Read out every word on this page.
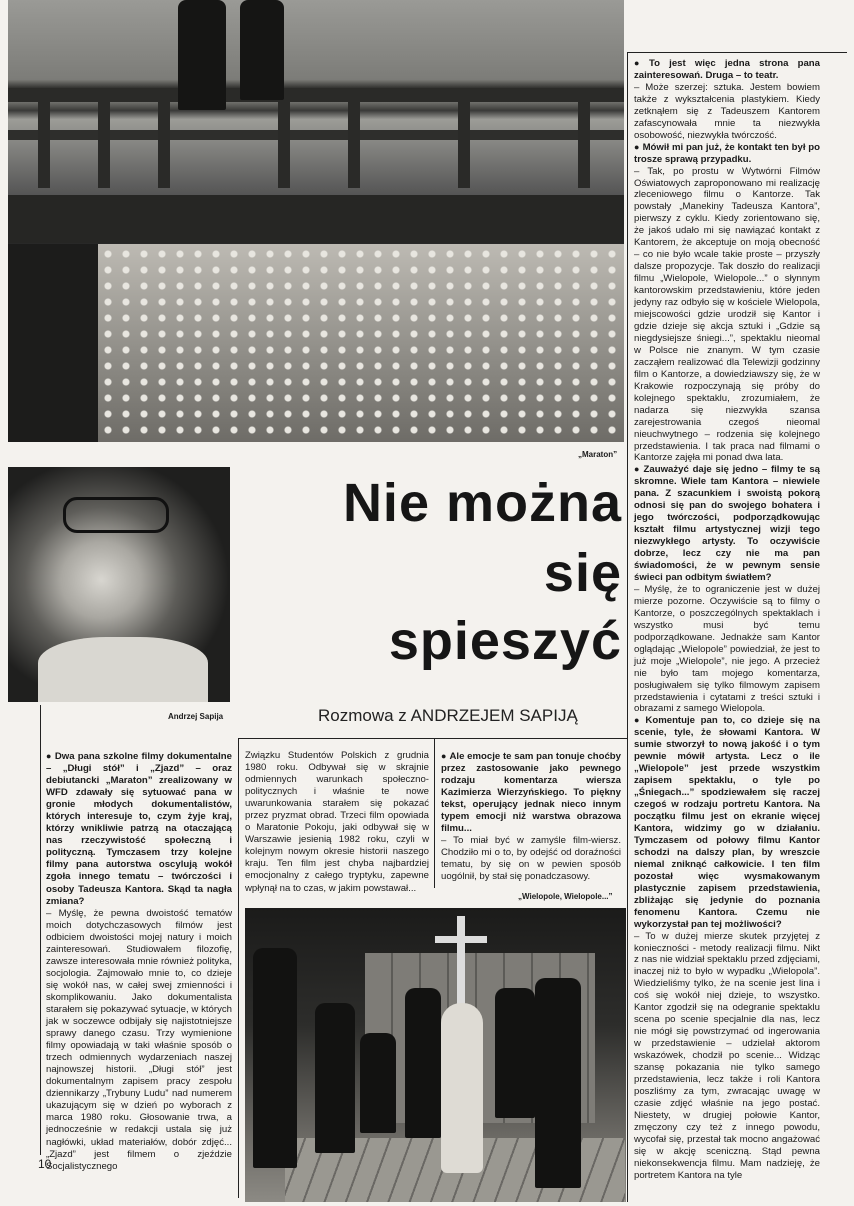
„Maraton”
Andrzej Sapija
Nie można
się
spieszyć
Rozmowa z ANDRZEJEM SAPIJĄ

● Dwa pana szkolne filmy dokumentalne – „Długi stół” i „Zjazd” – oraz debiutancki „Maraton” zrealizowany w WFD zdawały się sytuować pana w gronie młodych dokumentalistów, których interesuje to, czym żyje kraj, którzy wnikliwie patrzą na otaczającą nas rzeczywistość społeczną i polityczną. Tymczasem trzy kolejne filmy pana autorstwa oscylują wokół zgoła innego tematu – twórczości i osoby Tadeusza Kantora. Skąd ta nagła zmiana?

– Myślę, że pewna dwoistość tematów moich dotychczasowych filmów jest odbiciem dwoistości mojej natury i moich zainteresowań. Studiowałem filozofię, zawsze interesowała mnie również polityka, socjologia. Zajmowało mnie to, co dzieje się wokół nas, w całej swej zmienności i skomplikowaniu. Jako dokumentalista starałem się pokazywać sytuacje, w których jak w soczewce odbijały się najistotniejsze sprawy danego czasu. Trzy wymienione filmy opowiadają w taki właśnie sposób o trzech odmiennych wydarzeniach naszej najnowszej historii. „Długi stół” jest dokumentalnym zapisem pracy zespołu dziennikarzy „Trybuny Ludu” nad numerem ukazującym się w dzień po wyborach z marca 1980 roku. Głosowanie trwa, a jednocześnie w redakcji ustala się już nagłówki, układ materiałów, dobór zdjęć... „Zjazd” jest filmem o zjeździe Socjalistycznego

Związku Studentów Polskich z grudnia 1980 roku. Odbywał się w skrajnie odmiennych warunkach społeczno-politycznych i właśnie te nowe uwarunkowania starałem się pokazać przez pryzmat obrad. Trzeci film opowiada o Maratonie Pokoju, jaki odbywał się w Warszawie jesienią 1982 roku, czyli w kolejnym nowym okresie historii naszego kraju. Ten film jest chyba najbardziej emocjonalny z całego tryptyku, zapewne wpłynął na to czas, w jakim powstawał...

● Ale emocje te sam pan tonuje choćby przez zastosowanie jako pewnego rodzaju komentarza wiersza Kazimierza Wierzyńskiego. To piękny tekst, operujący jednak nieco innym typem emocji niż warstwa obrazowa filmu...

– To miał być w zamyśle film-wiersz. Chodziło mi o to, by odejść od doraźności tematu, by się on w pewien sposób uogólnił, by stał się ponadczasowy.

„Wielopole, Wielopole...”

● To jest więc jedna strona pana zainteresowań. Druga – to teatr.

– Może szerzej: sztuka. Jestem bowiem także z wykształcenia plastykiem. Kiedy zetknąłem się z Tadeuszem Kantorem zafascynowała mnie ta niezwykła osobowość, niezwykła twórczość.

● Mówił mi pan już, że kontakt ten był po trosze sprawą przypadku.

– Tak, po prostu w Wytwórni Filmów Oświatowych zaproponowano mi realizację zleceniowego filmu o Kantorze. Tak powstały „Manekiny Tadeusza Kantora”, pierwszy z cyklu. Kiedy zorientowano się, że jakoś udało mi się nawiązać kontakt z Kantorem, że akceptuje on moją obecność – co nie było wcale takie proste – przyszły dalsze propozycje. Tak doszło do realizacji filmu „Wielopole, Wielopole...” o słynnym kantorowskim przedstawieniu, które jeden jedyny raz odbyło się w kościele Wielopola, miejscowości gdzie urodził się Kantor i gdzie dzieje się akcja sztuki i „Gdzie są niegdysiejsze śniegi...”, spektaklu nieomal w Polsce nie znanym. W tym czasie zacząłem realizować dla Telewizji godzinny film o Kantorze, a dowiedziawszy się, że w Krakowie rozpoczynają się próby do kolejnego spektaklu, zrozumiałem, że nadarza się niezwykła szansa zarejestrowania czegoś nieomal nieuchwytnego – rodzenia się kolejnego przedstawienia. I tak praca nad filmami o Kantorze zajęła mi ponad dwa lata.

● Zauważyć daje się jedno – filmy te są skromne. Wiele tam Kantora – niewiele pana. Z szacunkiem i swoistą pokorą odnosi się pan do swojego bohatera i jego twórczości, podporządkowując kształt filmu artystycznej wizji tego niezwykłego artysty. To oczywiście dobrze, lecz czy nie ma pan świadomości, że w pewnym sensie świeci pan odbitym światłem?

– Myślę, że to ograniczenie jest w dużej mierze pozorne. Oczywiście są to filmy o Kantorze, o poszczególnych spektaklach i wszystko musi być temu podporządkowane. Jednakże sam Kantor oglądając „Wielopole” powiedział, że jest to już moje „Wielopole”, nie jego. A przecież nie było tam mojego komentarza, posługiwałem się tylko filmowym zapisem przedstawienia i cytatami z treści sztuki i obrazami z samego Wielopola.

● Komentuje pan to, co dzieje się na scenie, tyle, że słowami Kantora. W sumie stworzył to nową jakość i o tym pewnie mówił artysta. Lecz o ile „Wielopole” jest przede wszystkim zapisem spektaklu, o tyle po „Śniegach...” spodziewałem się raczej czegoś w rodzaju portretu Kantora. Na początku filmu jest on ekranie więcej Kantora, widzimy go w działaniu. Tymczasem od połowy filmu Kantor schodzi na dalszy plan, by wreszcie niemal zniknąć całkowicie. I ten film pozostał więc wysmakowanym plastycznie zapisem przedstawienia, zbliżając się jedynie do poznania fenomenu Kantora. Czemu nie wykorzystał pan tej możliwości?

– To w dużej mierze skutek przyjętej z konieczności - metody realizacji filmu. Nikt z nas nie widział spektaklu przed zdjęciami, inaczej niż to było w wypadku „Wielopola”. Wiedzieliśmy tylko, że na scenie jest lina i coś się wokół niej dzieje, to wszystko. Kantor zgodził się na odegranie spektaklu scena po scenie specjalnie dla nas, lecz nie mógł się powstrzymać od ingerowania w przedstawienie – udzielał aktorom wskazówek, chodził po scenie... Widząc szansę pokazania nie tylko samego przedstawienia, lecz także i roli Kantora poszliśmy za tym, zwracając uwagę w czasie zdjęć właśnie na jego postać. Niestety, w drugiej połowie Kantor, zmęczony czy też z innego powodu, wycofał się, przestał tak mocno angażować się w akcję sceniczną. Stąd pewna niekonsekwencja filmu. Mam nadzieję, że portretem Kantora na tyle

10
